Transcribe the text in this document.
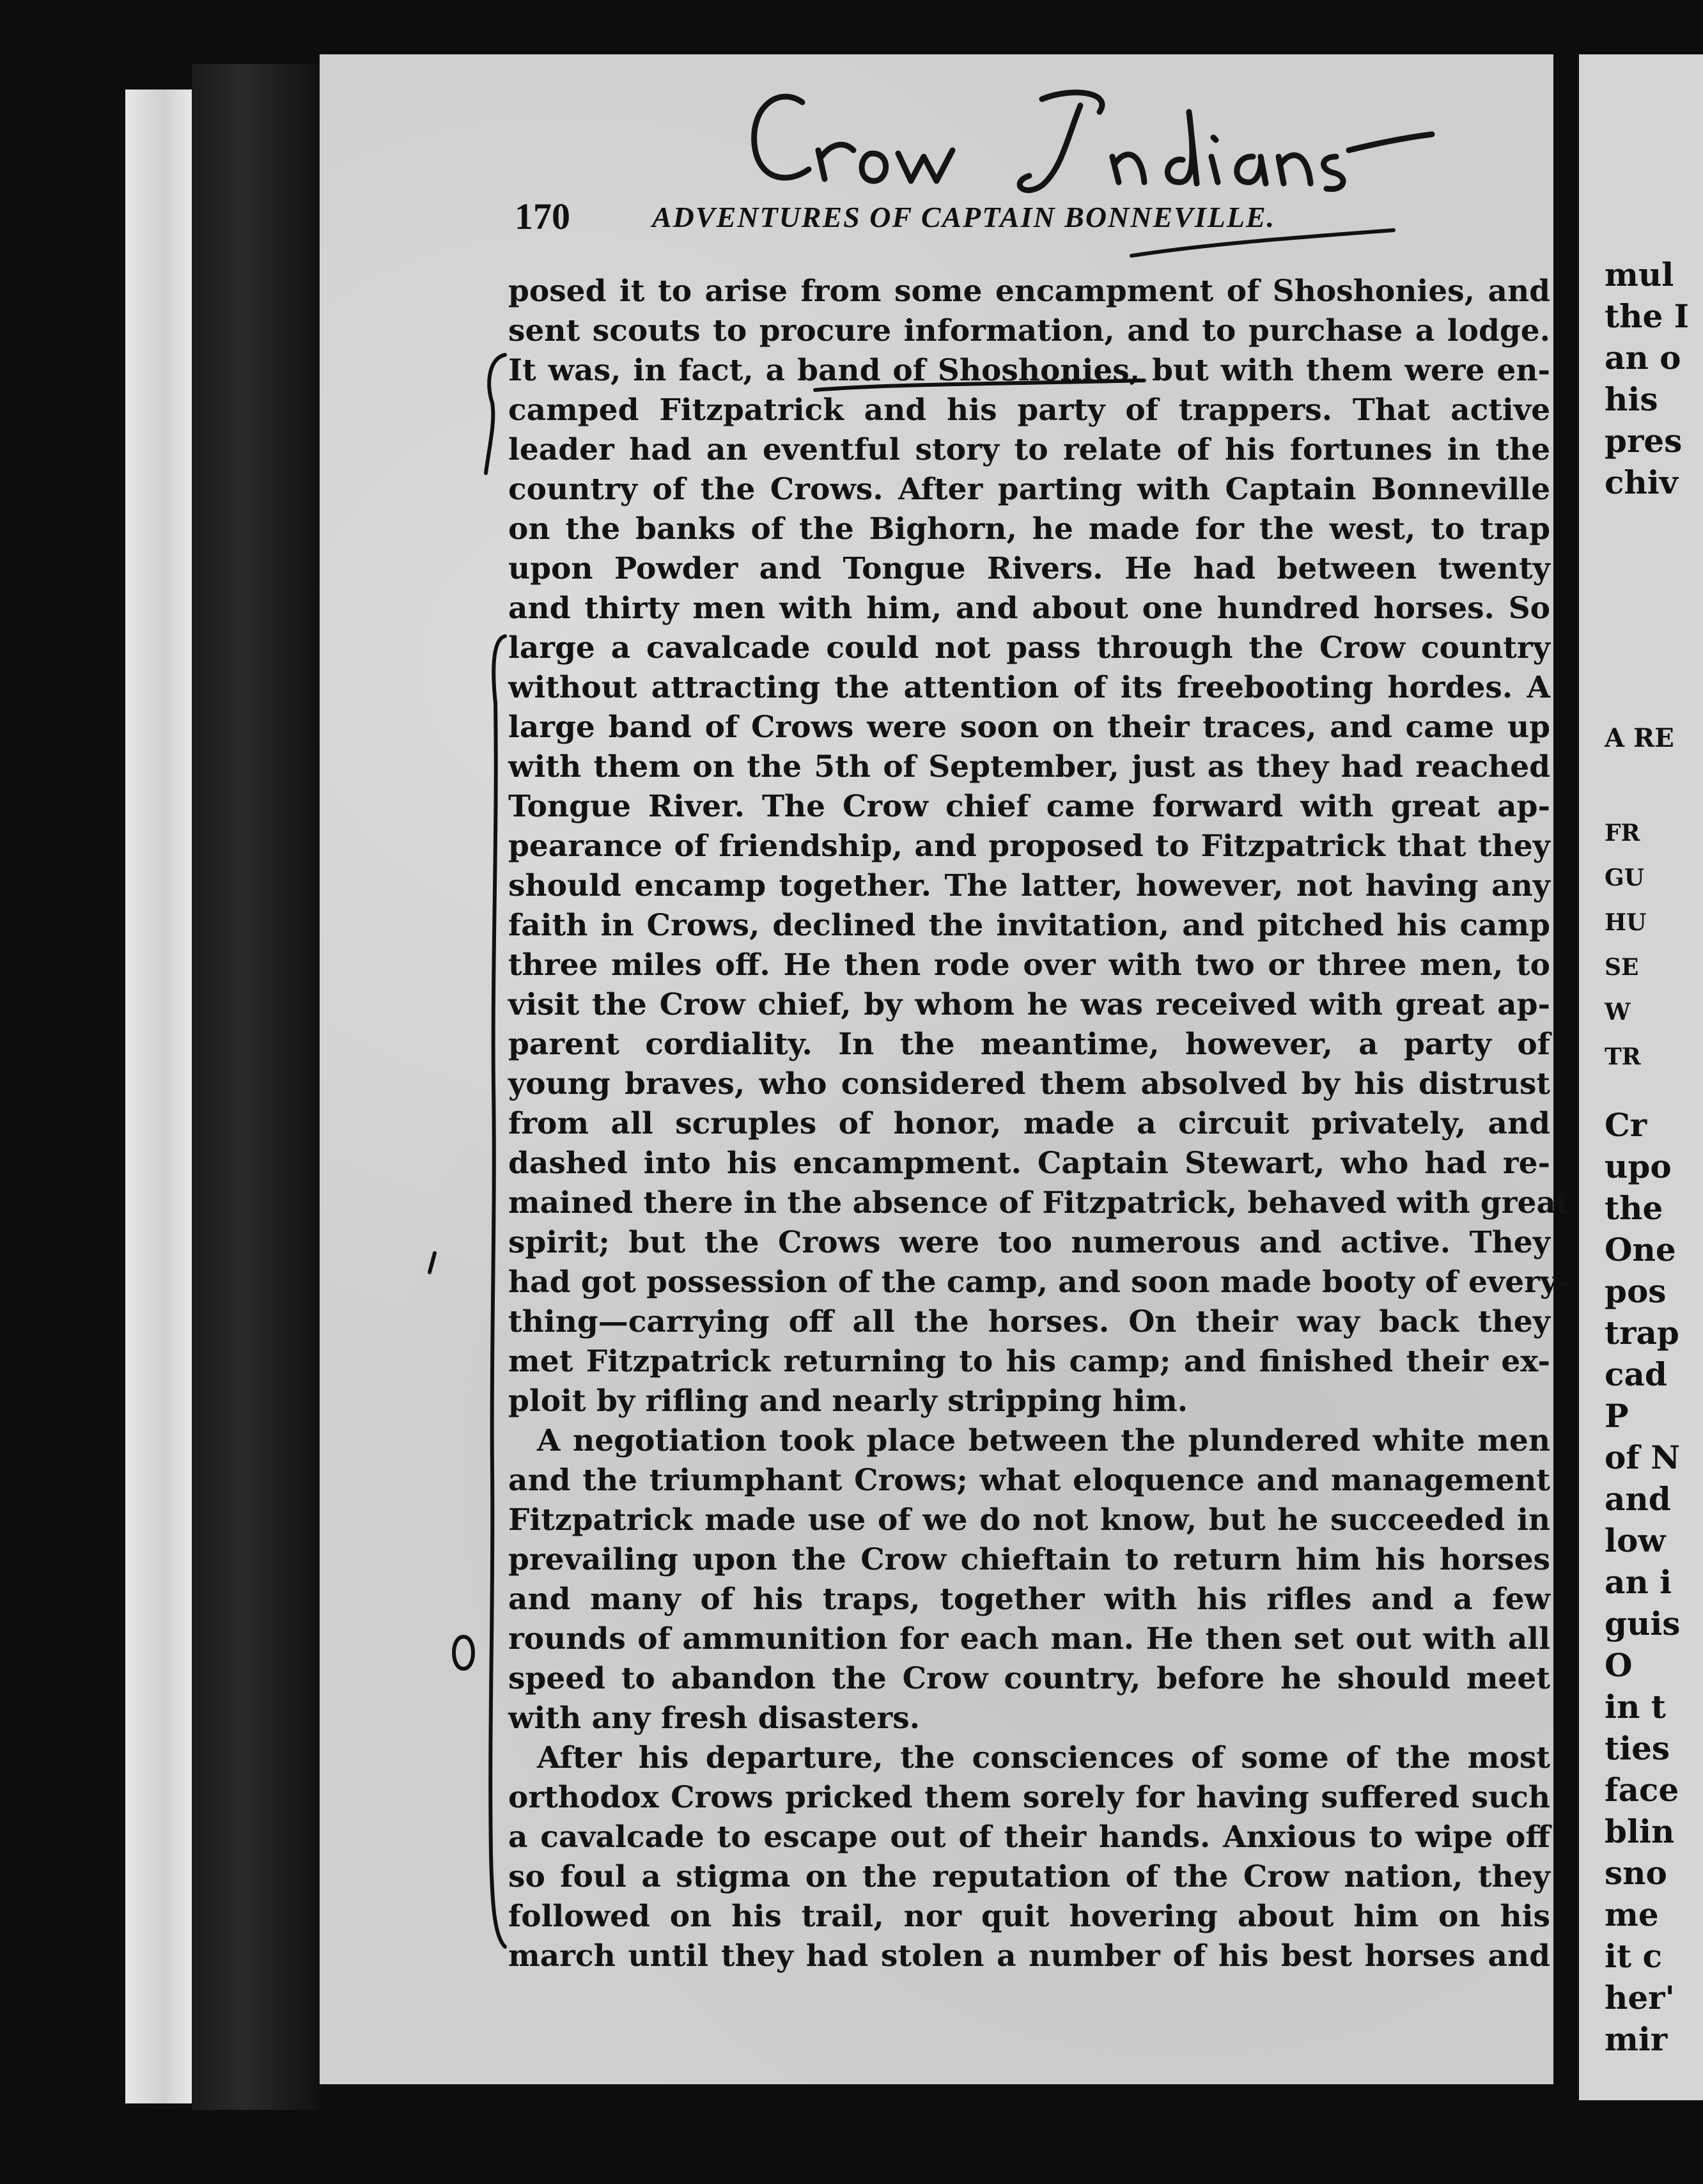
mul
the I
an o
his
pres
chiv
A RE
FR
GU
HU
SE
W
TR
Cr
upo
the
One
pos
trap
cad
P
of N
and
low
an i
guis
O
in t
ties
face
blin
sno
me
it c
her'
mir
170	ADVENTURES OF CAPTAIN BONNEVILLE.
posed it to arise from some encampment of Shoshonies, and
sent scouts to procure information, and to purchase a lodge.
It was, in fact, a band of Shoshonies, but with them were en-
camped Fitzpatrick and his party of trappers. That active
leader had an eventful story to relate of his fortunes in the
country of the Crows. After parting with Captain Bonneville
on the banks of the Bighorn, he made for the west, to trap
upon Powder and Tongue Rivers. He had between twenty
and thirty men with him, and about one hundred horses. So
large a cavalcade could not pass through the Crow country
without attracting the attention of its freebooting hordes. A
large band of Crows were soon on their traces, and came up
with them on the 5th of September, just as they had reached
Tongue River. The Crow chief came forward with great ap-
pearance of friendship, and proposed to Fitzpatrick that they
should encamp together. The latter, however, not having any
faith in Crows, declined the invitation, and pitched his camp
three miles off. He then rode over with two or three men, to
visit the Crow chief, by whom he was received with great ap-
parent cordiality. In the meantime, however, a party of
young braves, who considered them absolved by his distrust
from all scruples of honor, made a circuit privately, and
dashed into his encampment. Captain Stewart, who had re-
mained there in the absence of Fitzpatrick, behaved with great
spirit; but the Crows were too numerous and active. They
had got possession of the camp, and soon made booty of every-
thing—carrying off all the horses. On their way back they
met Fitzpatrick returning to his camp; and finished their ex-
ploit by rifling and nearly stripping him.
A negotiation took place between the plundered white men
and the triumphant Crows; what eloquence and management
Fitzpatrick made use of we do not know, but he succeeded in
prevailing upon the Crow chieftain to return him his horses
and many of his traps, together with his rifles and a few
rounds of ammunition for each man. He then set out with all
speed to abandon the Crow country, before he should meet
with any fresh disasters.
After his departure, the consciences of some of the most
orthodox Crows pricked them sorely for having suffered such
a cavalcade to escape out of their hands. Anxious to wipe off
so foul a stigma on the reputation of the Crow nation, they
followed on his trail, nor quit hovering about him on his
march until they had stolen a number of his best horses and
